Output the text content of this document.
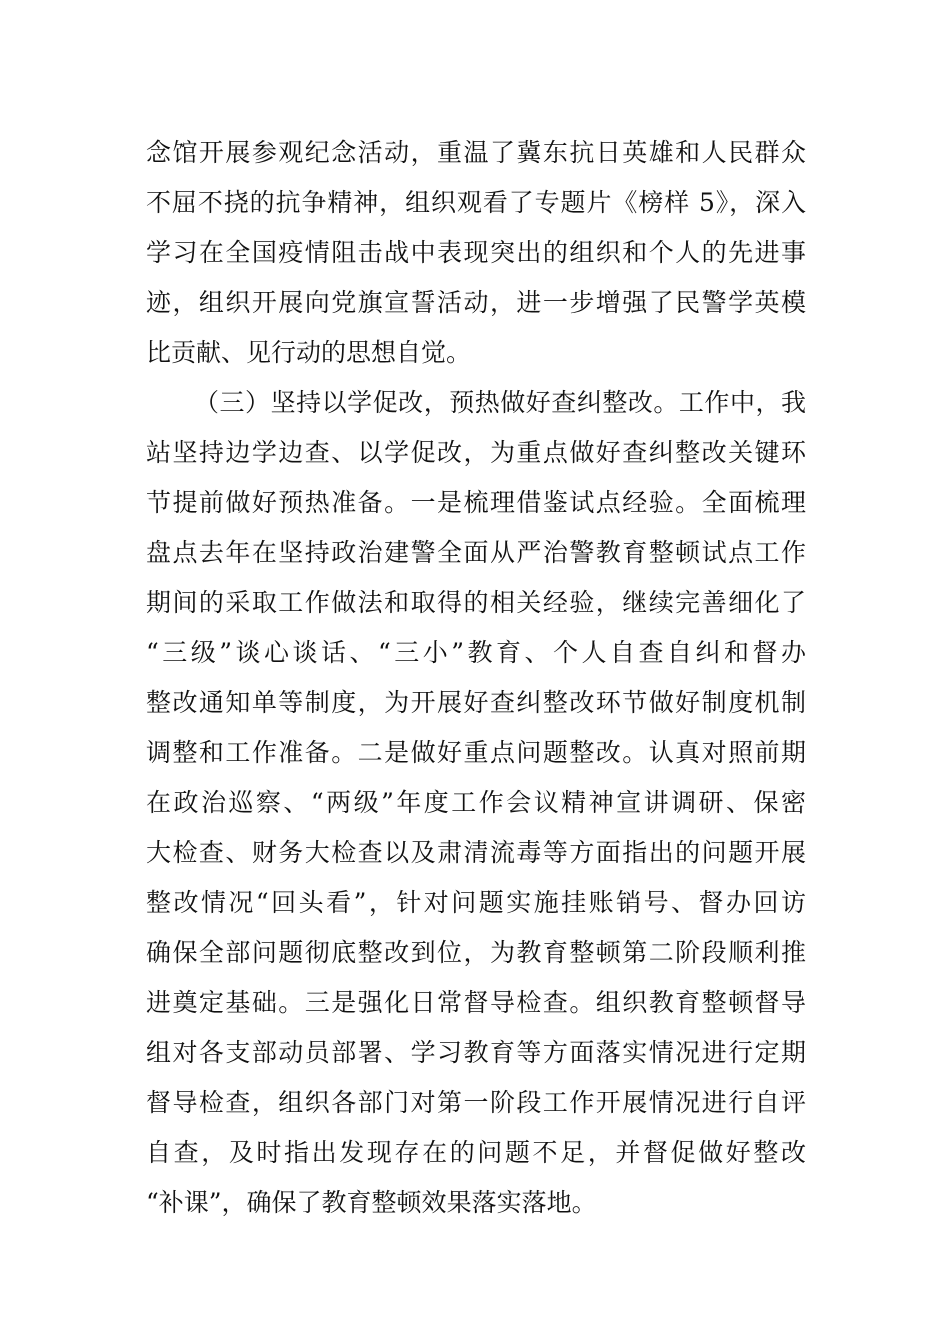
念馆开展参观纪念活动，重温了冀东抗日英雄和人民群众
不屈不挠的抗争精神，组织观看了专题片《榜样 5》，深入
学习在全国疫情阻击战中表现突出的组织和个人的先进事
迹，组织开展向党旗宣誓活动，进一步增强了民警学英模
比贡献、见行动的思想自觉。
（三）坚持以学促改，预热做好查纠整改。工作中，我
站坚持边学边查、以学促改，为重点做好查纠整改关键环
节提前做好预热准备。一是梳理借鉴试点经验。全面梳理
盘点去年在坚持政治建警全面从严治警教育整顿试点工作
期间的采取工作做法和取得的相关经验，继续完善细化了
“三级”谈心谈话、“三小”教育、个人自查自纠和督办
整改通知单等制度，为开展好查纠整改环节做好制度机制
调整和工作准备。二是做好重点问题整改。认真对照前期
在政治巡察、“两级”年度工作会议精神宣讲调研、保密
大检查、财务大检查以及肃清流毒等方面指出的问题开展
整改情况“回头看”，针对问题实施挂账销号、督办回访
确保全部问题彻底整改到位，为教育整顿第二阶段顺利推
进奠定基础。三是强化日常督导检查。组织教育整顿督导
组对各支部动员部署、学习教育等方面落实情况进行定期
督导检查，组织各部门对第一阶段工作开展情况进行自评
自查，及时指出发现存在的问题不足，并督促做好整改
“补课”，确保了教育整顿效果落实落地。
